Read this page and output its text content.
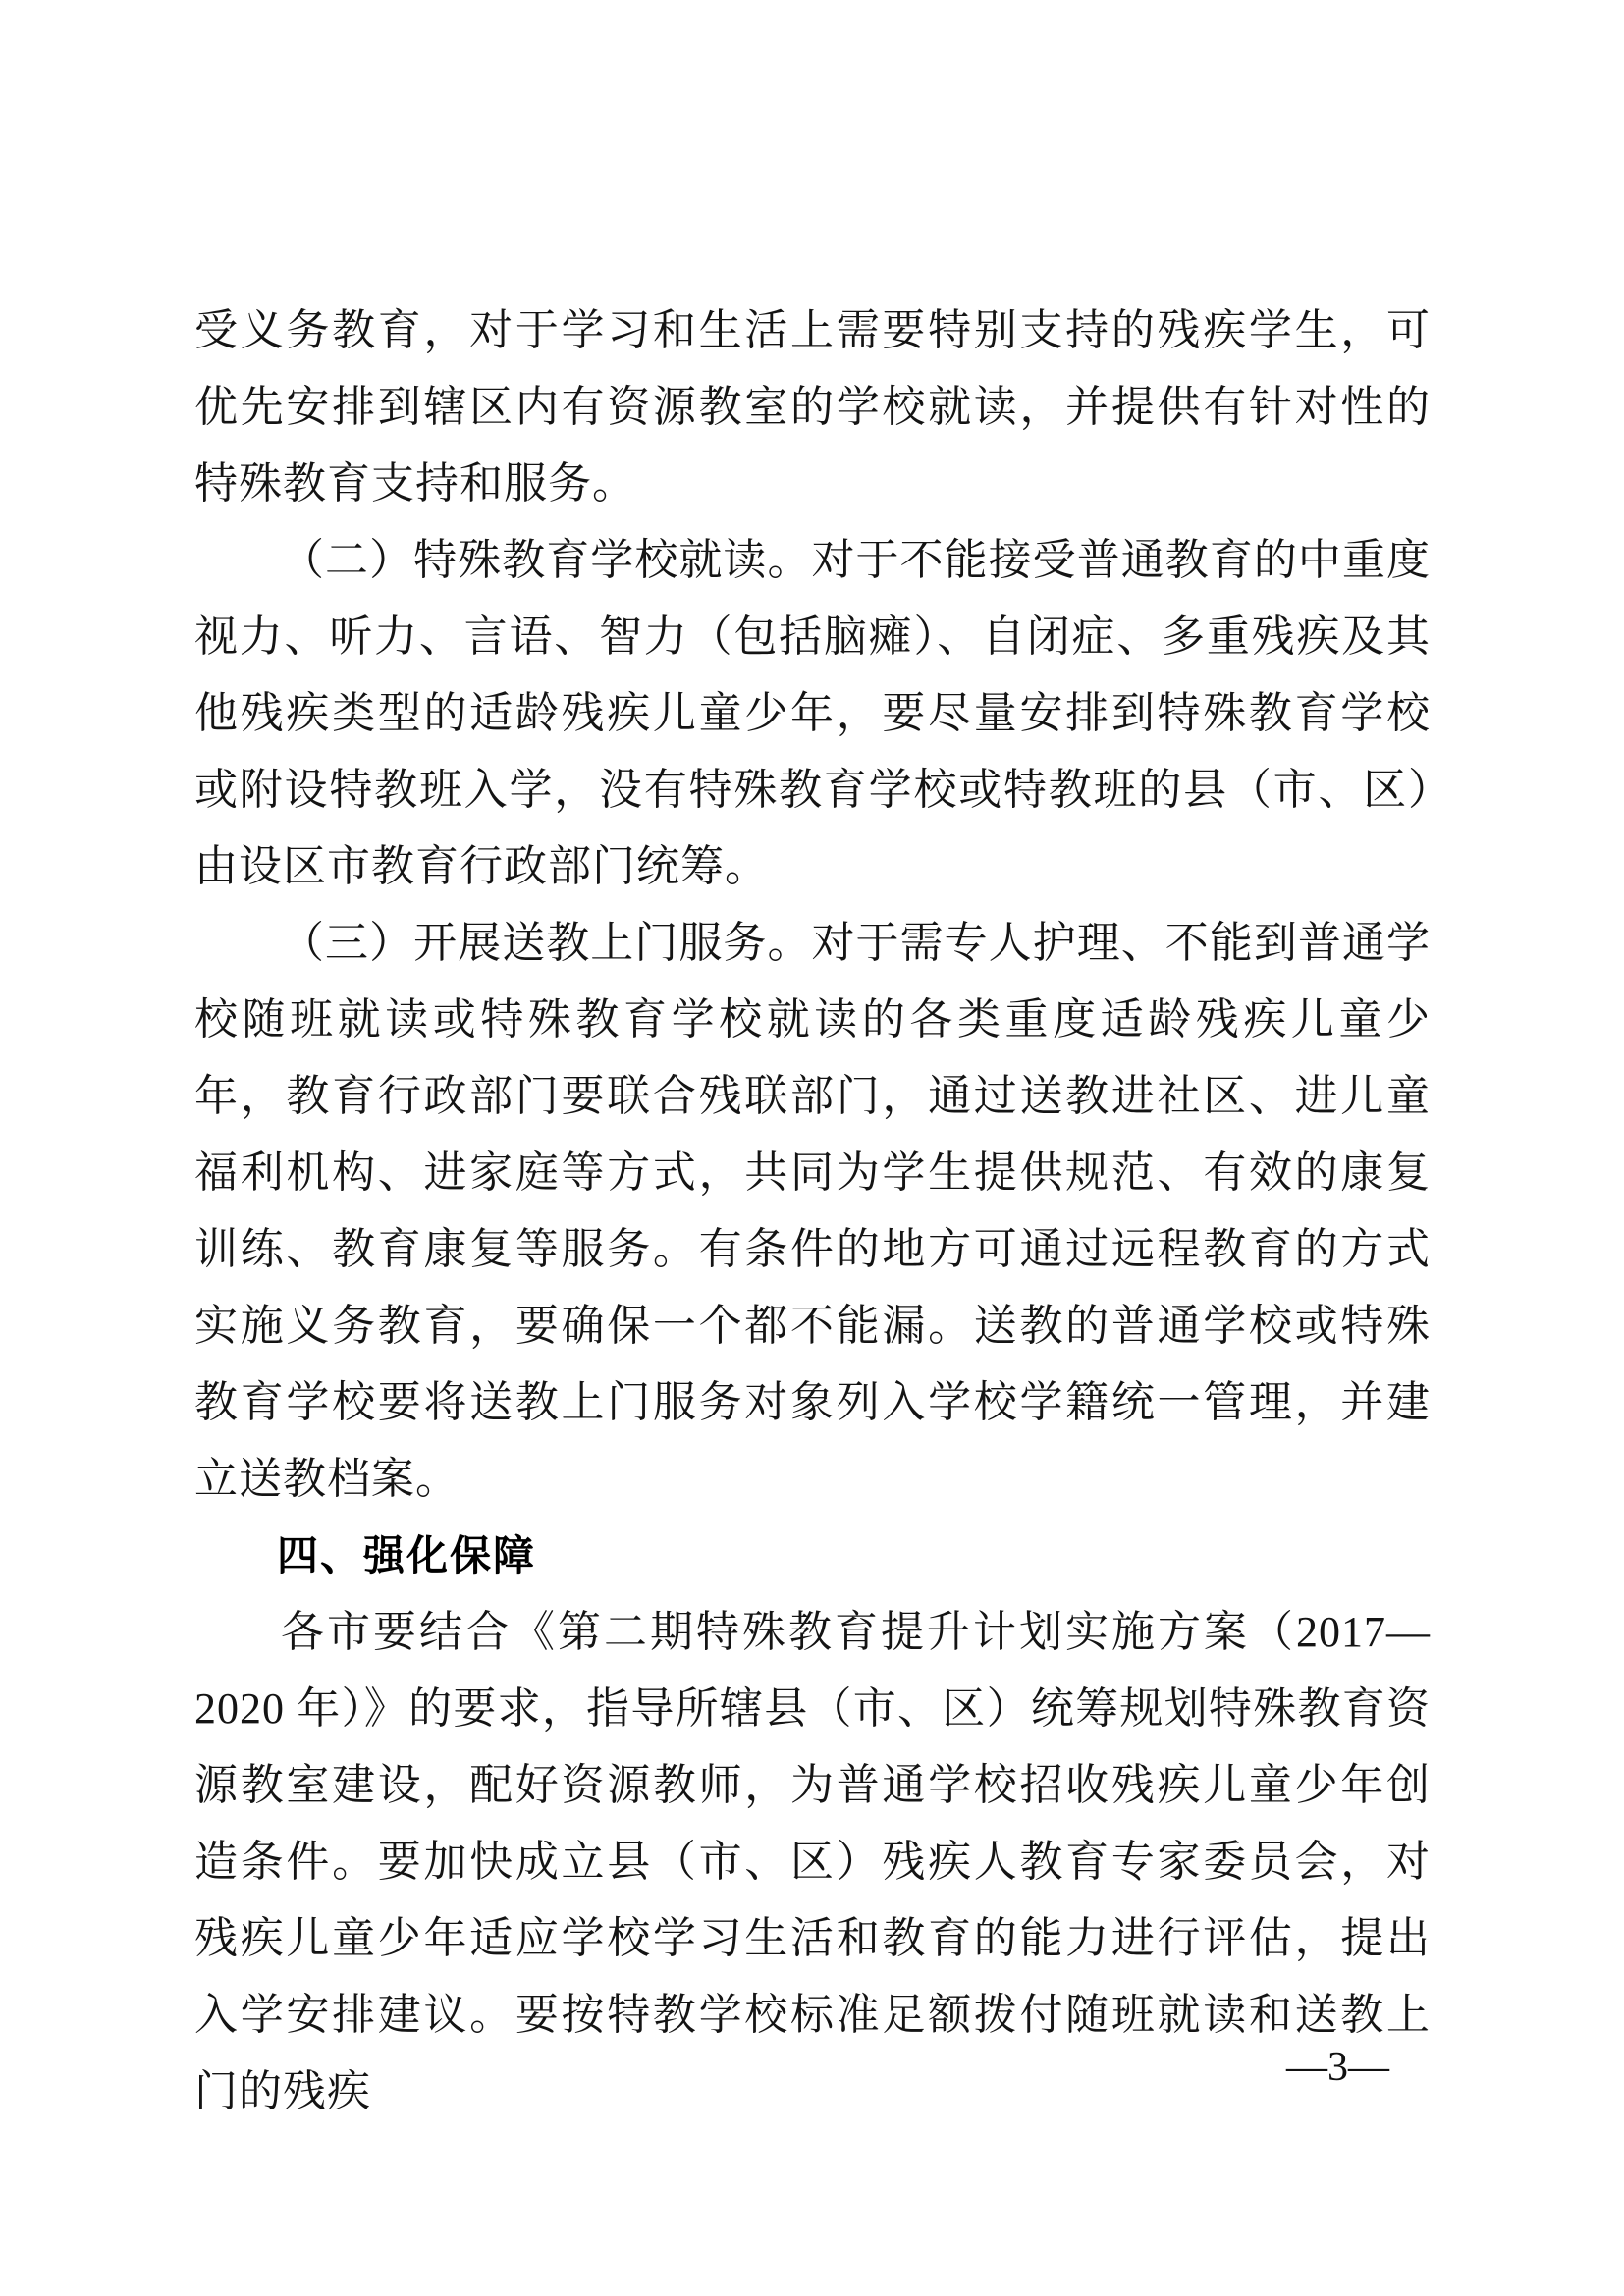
受义务教育，对于学习和生活上需要特别支持的残疾学生，可优先安排到辖区内有资源教室的学校就读，并提供有针对性的特殊教育支持和服务。

（二）特殊教育学校就读。对于不能接受普通教育的中重度视力、听力、言语、智力（包括脑瘫）、自闭症、多重残疾及其他残疾类型的适龄残疾儿童少年，要尽量安排到特殊教育学校或附设特教班入学，没有特殊教育学校或特教班的县（市、区）由设区市教育行政部门统筹。

（三）开展送教上门服务。对于需专人护理、不能到普通学校随班就读或特殊教育学校就读的各类重度适龄残疾儿童少年，教育行政部门要联合残联部门，通过送教进社区、进儿童福利机构、进家庭等方式，共同为学生提供规范、有效的康复训练、教育康复等服务。有条件的地方可通过远程教育的方式实施义务教育，要确保一个都不能漏。送教的普通学校或特殊教育学校要将送教上门服务对象列入学校学籍统一管理，并建立送教档案。

四、强化保障

各市要结合《第二期特殊教育提升计划实施方案（2017—2020 年）》的要求，指导所辖县（市、区）统筹规划特殊教育资源教室建设，配好资源教师，为普通学校招收残疾儿童少年创造条件。要加快成立县（市、区）残疾人教育专家委员会，对残疾儿童少年适应学校学习生活和教育的能力进行评估，提出入学安排建议。要按特教学校标准足额拨付随班就读和送教上门的残疾	—3—
